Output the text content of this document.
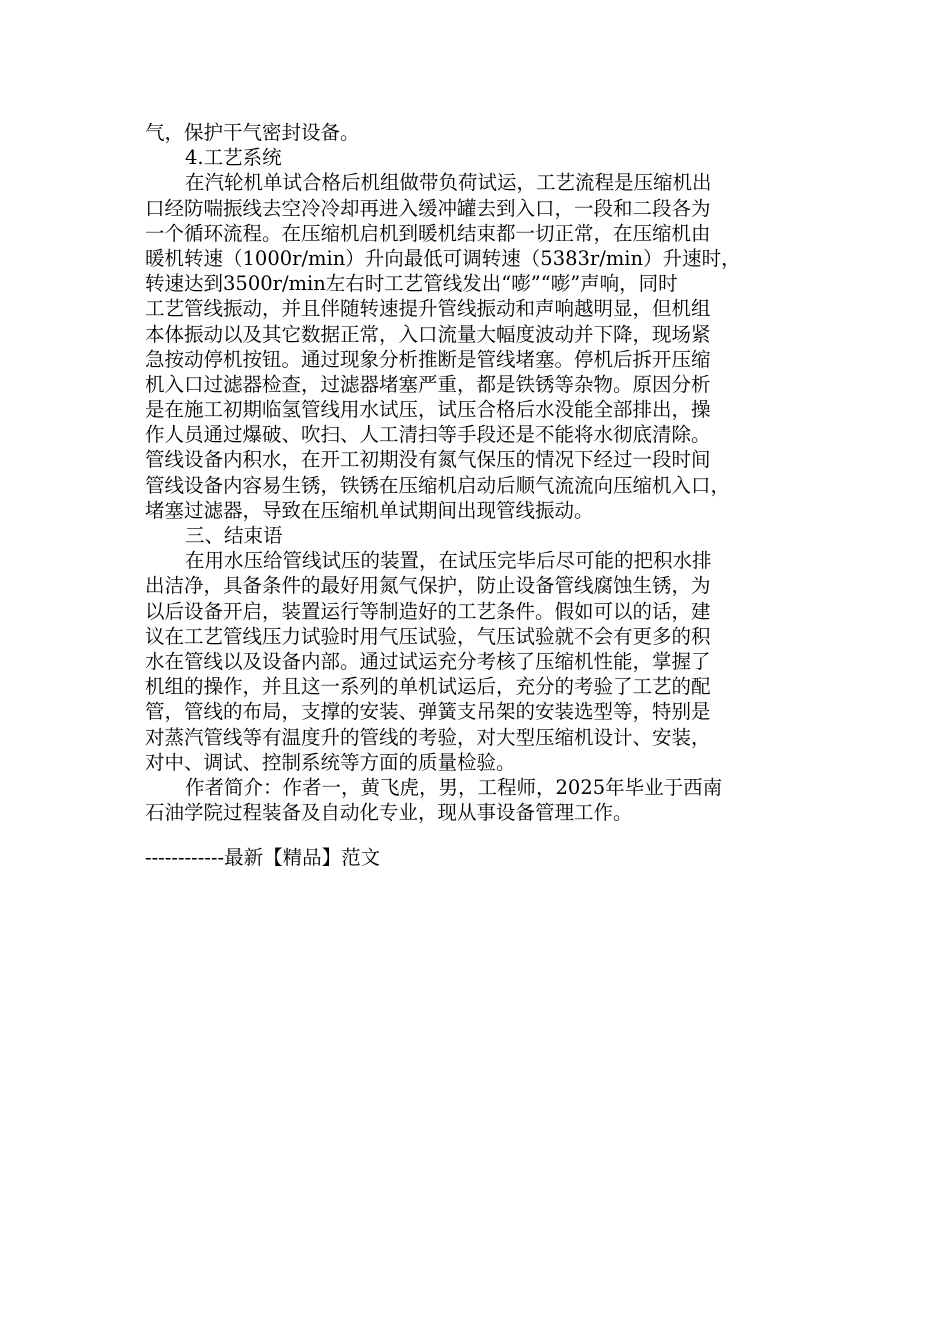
气，保护干气密封设备。
4.工艺系统
在汽轮机单试合格后机组做带负荷试运，工艺流程是压缩机出
口经防喘振线去空冷冷却再进入缓冲罐去到入口，一段和二段各为
一个循环流程。在压缩机启机到暖机结束都一切正常，在压缩机由
暖机转速（1000r/min）升向最低可调转速（5383r/min）升速时，
转速达到3500r/min左右时工艺管线发出“嘭”“嘭”声响，同时
工艺管线振动，并且伴随转速提升管线振动和声响越明显，但机组
本体振动以及其它数据正常，入口流量大幅度波动并下降，现场紧
急按动停机按钮。通过现象分析推断是管线堵塞。停机后拆开压缩
机入口过滤器检查，过滤器堵塞严重，都是铁锈等杂物。原因分析
是在施工初期临氢管线用水试压，试压合格后水没能全部排出，操
作人员通过爆破、吹扫、人工清扫等手段还是不能将水彻底清除。
管线设备内积水，在开工初期没有氮气保压的情况下经过一段时间
管线设备内容易生锈，铁锈在压缩机启动后顺气流流向压缩机入口，
堵塞过滤器，导致在压缩机单试期间出现管线振动。
三、结束语
在用水压给管线试压的装置，在试压完毕后尽可能的把积水排
出洁净，具备条件的最好用氮气保护，防止设备管线腐蚀生锈，为
以后设备开启，装置运行等制造好的工艺条件。假如可以的话，建
议在工艺管线压力试验时用气压试验，气压试验就不会有更多的积
水在管线以及设备内部。通过试运充分考核了压缩机性能，掌握了
机组的操作，并且这一系列的单机试运后，充分的考验了工艺的配
管，管线的布局，支撑的安装、弹簧支吊架的安装选型等，特别是
对蒸汽管线等有温度升的管线的考验，对大型压缩机设计、安装，
对中、调试、控制系统等方面的质量检验。
作者简介：作者一，黄飞虎，男，工程师，2025年毕业于西南
石油学院过程装备及自动化专业，现从事设备管理工作。
------------最新【精品】范文
